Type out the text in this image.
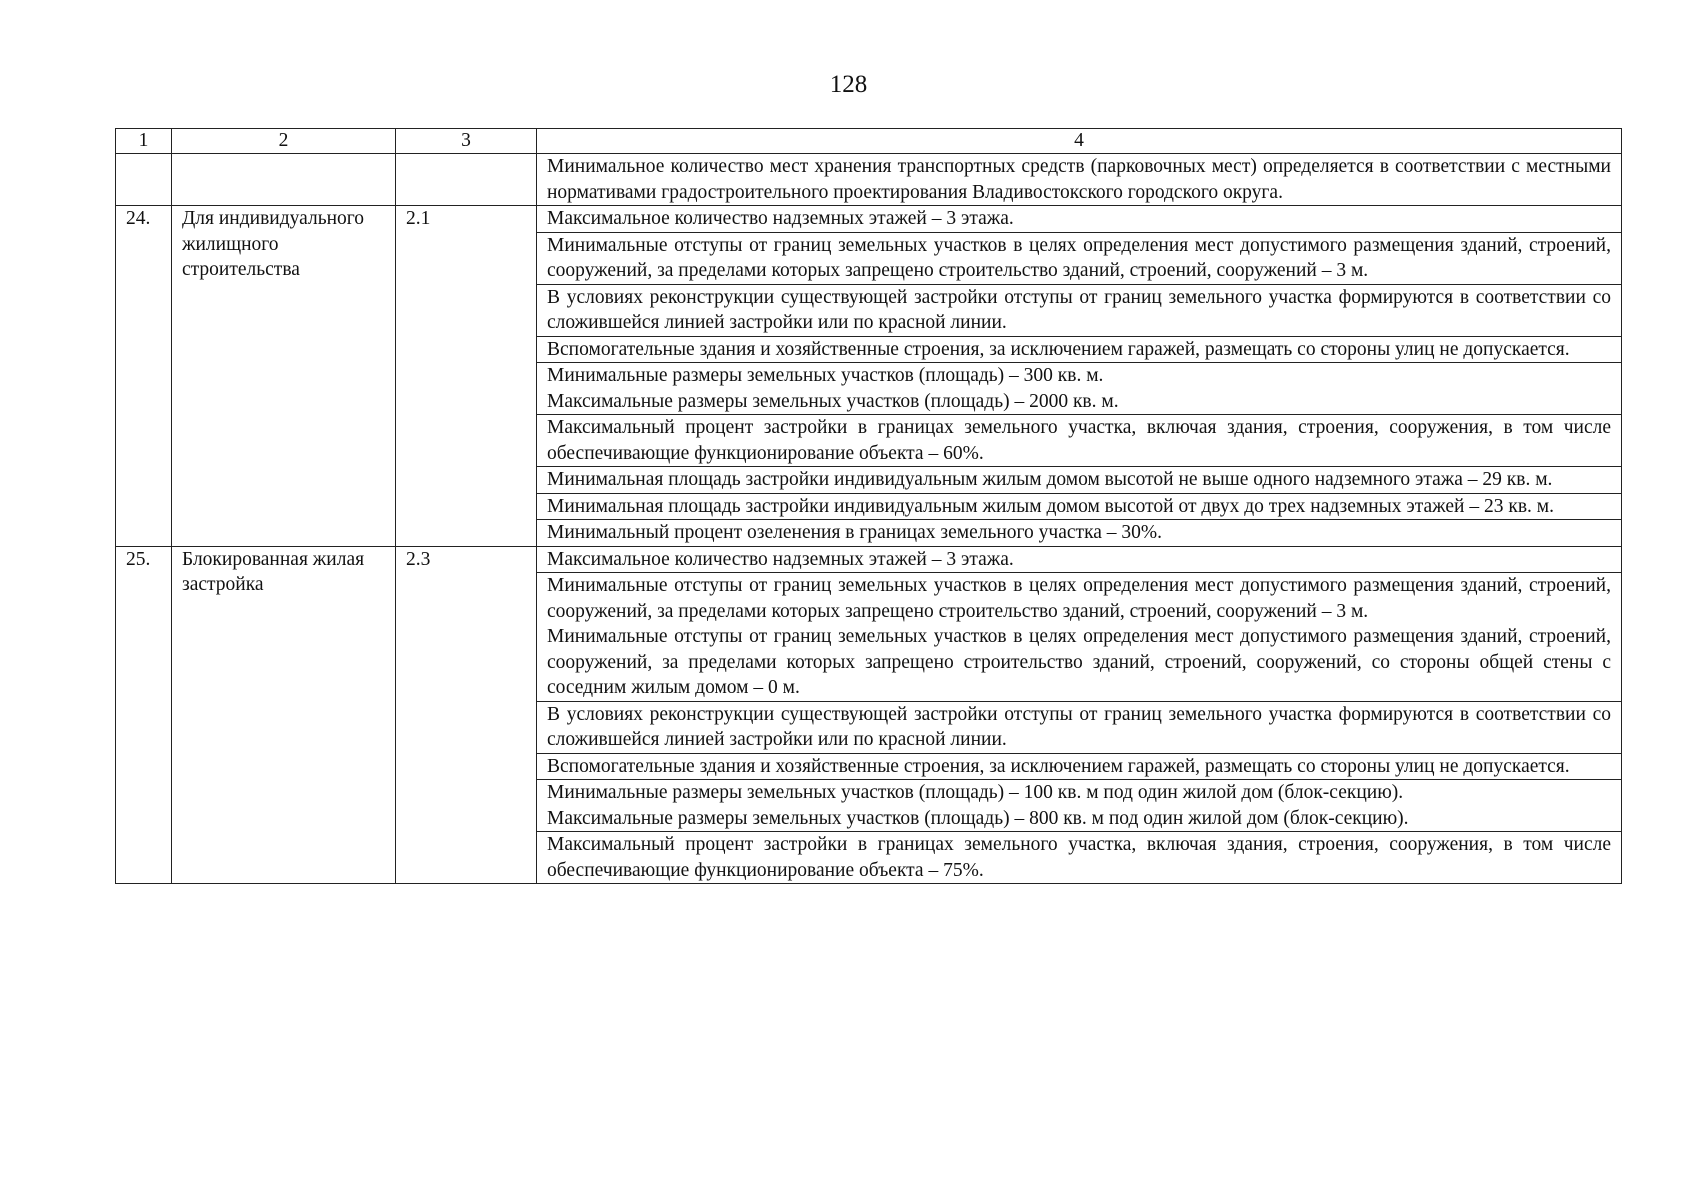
128
1	2	3	4

			Минимальное количество мест хранения транспортных средств (парковочных мест) определяется в соответствии с местными нормативами градостроительного проектирования Владивостокского городского округа.

24.	Для индивидуального жилищного строительства	2.1	Максимальное количество надземных этажей – 3 этажа.

			Минимальные отступы от границ земельных участков в целях определения мест допустимого размещения зданий, строений, сооружений, за пределами которых запрещено строительство зданий, строений, сооружений – 3 м.

			В условиях реконструкции существующей застройки отступы от границ земельного участка формируются в соответствии со сложившейся линией застройки или по красной линии.

			Вспомогательные здания и хозяйственные строения, за исключением гаражей, размещать со стороны улиц не допускается.

			Минимальные размеры земельных участков (площадь) – 300 кв. м.
Максимальные размеры земельных участков (площадь) – 2000 кв. м.

			Максимальный процент застройки в границах земельного участка, включая здания, строения, сооружения, в том числе обеспечивающие функционирование объекта – 60%.

			Минимальная площадь застройки индивидуальным жилым домом высотой не выше одного надземного этажа – 29 кв. м.

			Минимальная площадь застройки индивидуальным жилым домом высотой от двух до трех надземных этажей – 23 кв. м.

			Минимальный процент озеленения в границах земельного участка – 30%.

25.	Блокированная жилая застройка	2.3	Максимальное количество надземных этажей – 3 этажа.

			Минимальные отступы от границ земельных участков в целях определения мест допустимого размещения зданий, строений, сооружений, за пределами которых запрещено строительство зданий, строений, сооружений – 3 м.
Минимальные отступы от границ земельных участков в целях определения мест допустимого размещения зданий, строений, сооружений, за пределами которых запрещено строительство зданий, строений, сооружений, со стороны общей стены с соседним жилым домом – 0 м.

			В условиях реконструкции существующей застройки отступы от границ земельного участка формируются в соответствии со сложившейся линией застройки или по красной линии.

			Вспомогательные здания и хозяйственные строения, за исключением гаражей, размещать со стороны улиц не допускается.

			Минимальные размеры земельных участков (площадь) – 100 кв. м под один жилой дом (блок-секцию).
Максимальные размеры земельных участков (площадь) – 800 кв. м под один жилой дом (блок-секцию).

			Максимальный процент застройки в границах земельного участка, включая здания, строения, сооружения, в том числе обеспечивающие функционирование объекта – 75%.
